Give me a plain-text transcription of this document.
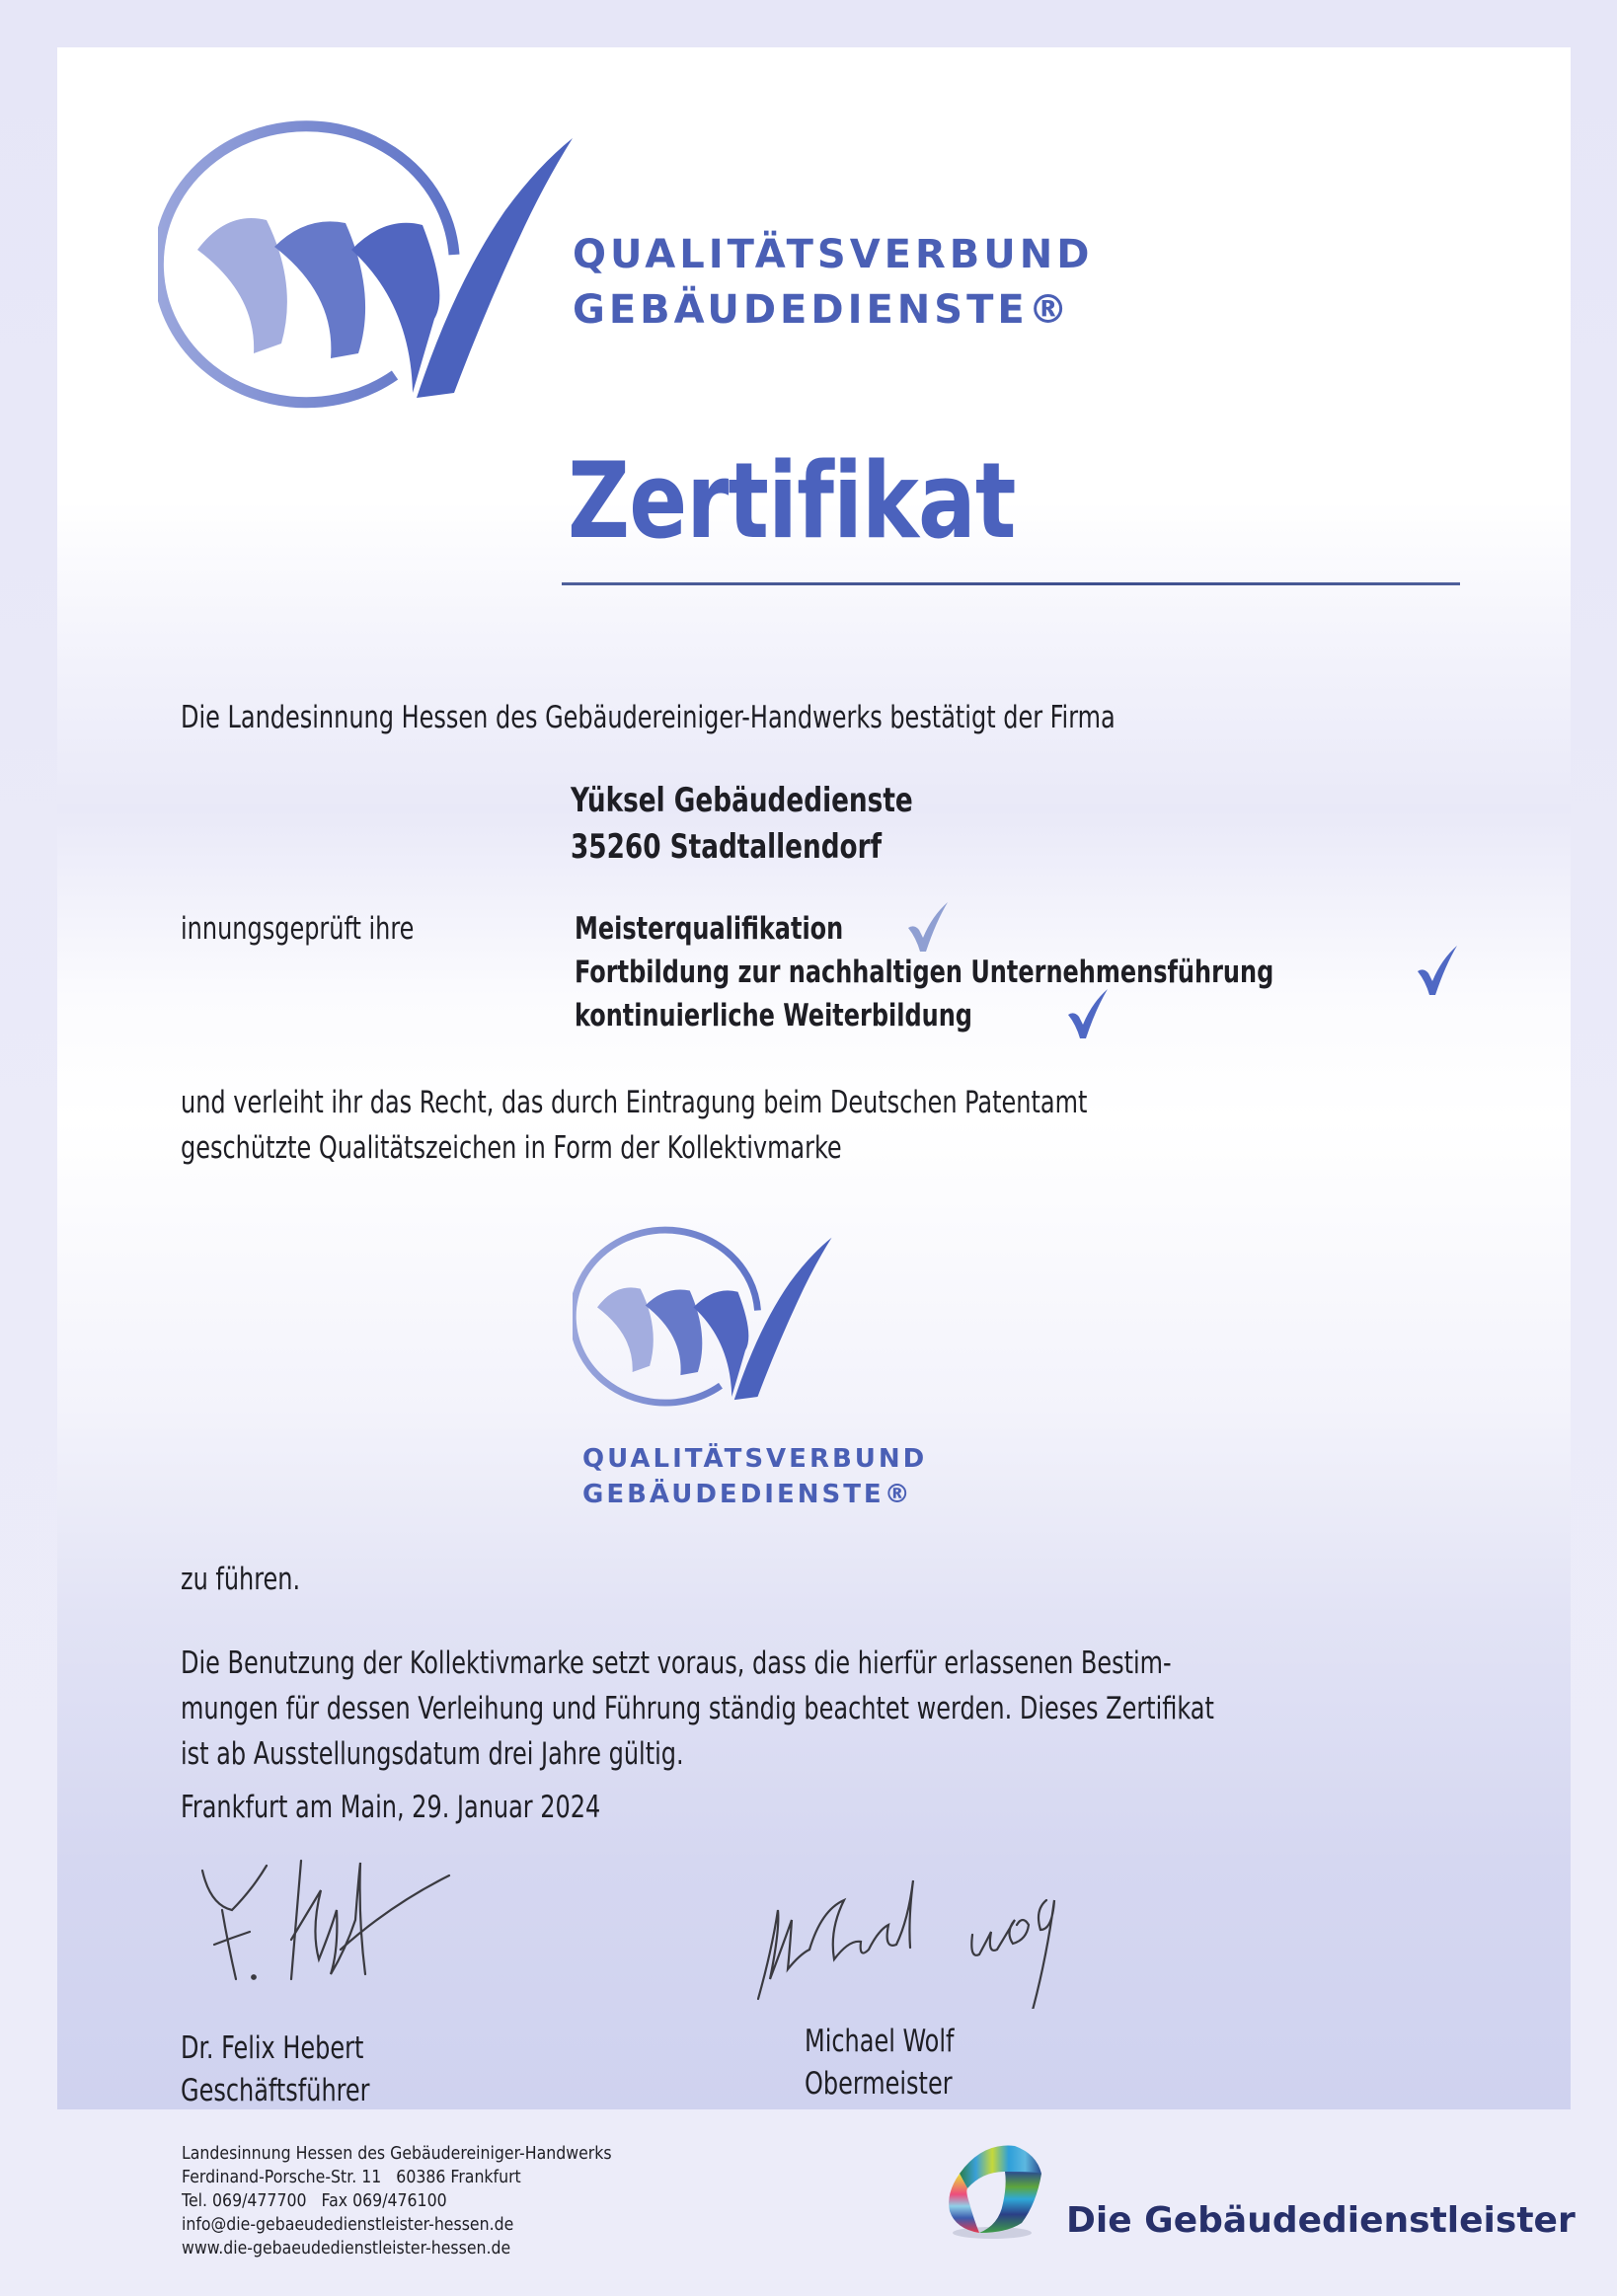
QUALITÄTSVERBUND
GEBÄUDEDIENSTE®
Zertifikat
Die Landesinnung Hessen des Gebäudereiniger-Handwerks bestätigt der Firma
Yüksel Gebäudedienste
35260 Stadtallendorf
innungsgeprüft ihre	Meisterqualifikation
Fortbildung zur nachhaltigen Unternehmensführung
kontinuierliche Weiterbildung
und verleiht ihr das Recht, das durch Eintragung beim Deutschen Patentamt
geschützte Qualitätszeichen in Form der Kollektivmarke
QUALITÄTSVERBUND
GEBÄUDEDIENSTE®
zu führen.
Die Benutzung der Kollektivmarke setzt voraus, dass die hierfür erlassenen Bestim-
mungen für dessen Verleihung und Führung ständig beachtet werden. Dieses Zertifikat
ist ab Ausstellungsdatum drei Jahre gültig.
Frankfurt am Main, 29. Januar 2024
Dr. Felix Hebert
Geschäftsführer
Michael Wolf
Obermeister
Landesinnung Hessen des Gebäudereiniger-Handwerks
Ferdinand-Porsche-Str. 11   60386 Frankfurt
Tel. 069/477700   Fax 069/476100
info@die-gebaeudedienstleister-hessen.de
www.die-gebaeudedienstleister-hessen.de
Die Gebäudedienstleister
